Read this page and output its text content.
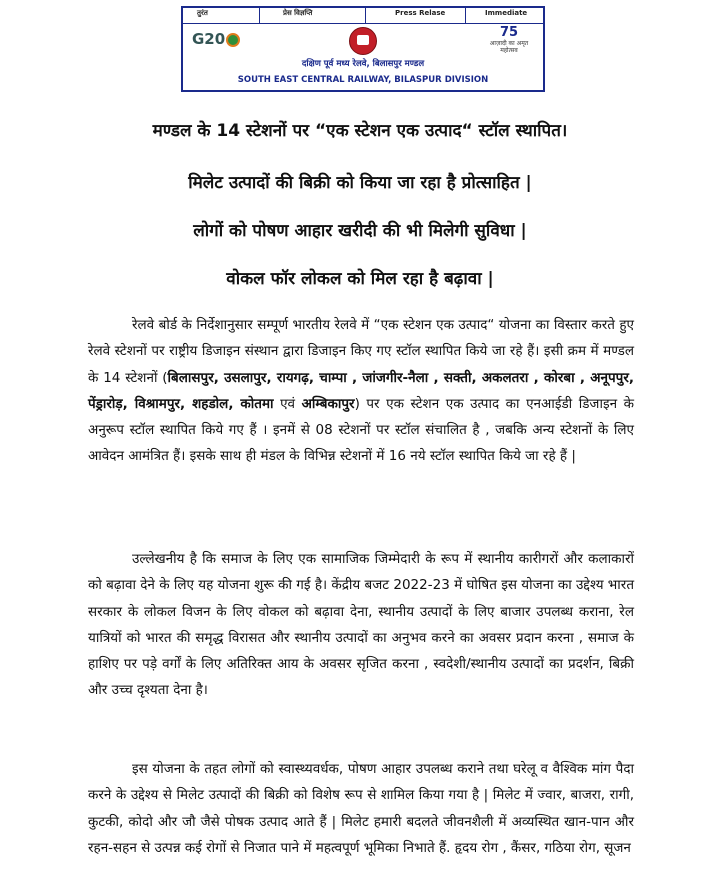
तुरंत	प्रेस विज्ञप्ति	Press Relase	Immediate
G20	75
आज़ादी का अमृत महोत्सव
दक्षिण पूर्व मध्य रेलवे, बिलासपुर मण्डल
SOUTH EAST CENTRAL RAILWAY, BILASPUR DIVISION
मण्डल के 14 स्टेशनों पर “एक स्टेशन एक उत्पाद“ स्टॉल स्थापित।
मिलेट उत्पादों की बिक्री को किया जा रहा है प्रोत्साहित |
लोगों को पोषण आहार खरीदी की भी मिलेगी सुविधा |
वोकल फॉर लोकल को मिल रहा है बढ़ावा |

रेलवे बोर्ड के निर्देशानुसार सम्पूर्ण भारतीय रेलवे में “एक स्टेशन एक उत्पाद“ योजना का विस्तार करते हुए रेलवे स्टेशनों पर राष्ट्रीय डिजाइन संस्थान द्वारा डिजाइन किए गए स्टॉल स्थापित किये जा रहे हैं। इसी क्रम में मण्डल के 14 स्टेशनों (बिलासपुर, उसलापुर, रायगढ़, चाम्पा , जांजगीर-नैला , सक्ती, अकलतरा , कोरबा , अनूपपुर, पेंड्रारोड़, विश्रामपुर, शहडोल, कोतमा एवं अम्बिकापुर) पर एक स्टेशन एक उत्पाद का एनआईडी डिजाइन के अनुरूप स्टॉल स्थापित किये गए हैं । इनमें से 08 स्टेशनों पर स्टॉल संचालित है , जबकि अन्य स्टेशनों के लिए आवेदन आमंत्रित हैं। इसके साथ ही मंडल के विभिन्न स्टेशनों में 16 नये स्टॉल स्थापित किये जा रहे हैं |

उल्लेखनीय है कि समाज के लिए एक सामाजिक जिम्मेदारी के रूप में स्थानीय कारीगरों और कलाकारों को बढ़ावा देने के लिए यह योजना शुरू की गई है। केंद्रीय बजट 2022-23 में घोषित इस योजना का उद्देश्य भारत सरकार के लोकल विजन के लिए वोकल को बढ़ावा देना, स्थानीय उत्पादों के लिए बाजार उपलब्ध कराना, रेल यात्रियों को भारत की समृद्ध विरासत और स्थानीय उत्पादों का अनुभव करने का अवसर प्रदान करना , समाज के हाशिए पर पड़े वर्गों के लिए अतिरिक्त आय के अवसर सृजित करना , स्वदेशी/स्थानीय उत्पादों का प्रदर्शन, बिक्री और उच्च दृश्यता देना है।

इस योजना के तहत लोगों को स्वास्थ्यवर्धक, पोषण आहार उपलब्ध कराने तथा घरेलू व वैश्विक मांग पैदा करने के उद्देश्य से मिलेट उत्पादों की बिक्री को विशेष रूप से शामिल किया गया है | मिलेट में ज्वार, बाजरा, रागी, कुटकी, कोदो और जौ जैसे पोषक उत्पाद आते हैं | मिलेट हमारी बदलते जीवनशैली में अव्यस्थित खान-पान और रहन-सहन से उत्पन्न कई रोगों से निजात पाने में महत्वपूर्ण भूमिका निभाते हैं. हृदय रोग , कैंसर, गठिया रोग, सूजन
